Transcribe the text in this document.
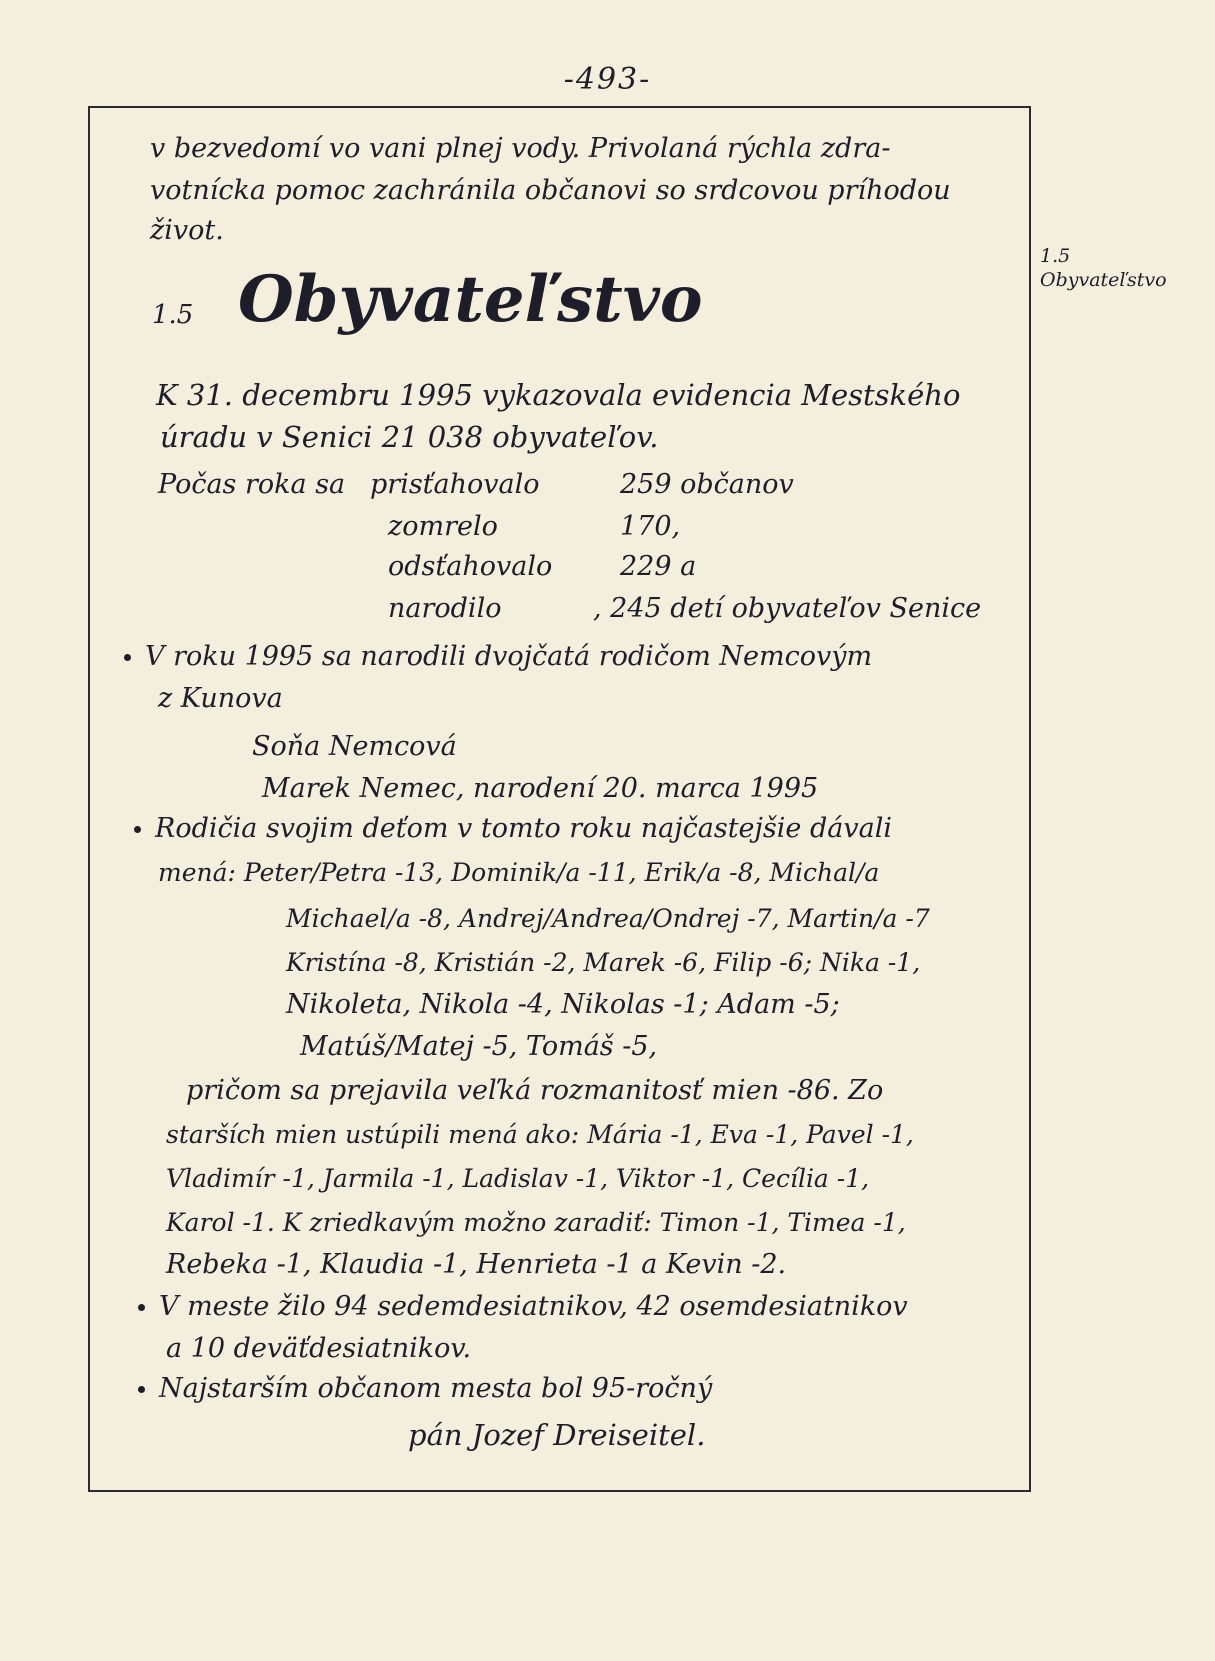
-493-
1.5
Obyvateľstvo
v bezvedomí vo vani plnej vody. Privolaná rýchla zdra-
votnícka pomoc zachránila občanovi so srdcovou príhodou
život.
1.5 Obyvateľstvo
K 31. decembru 1995 vykazovala evidencia Mestského
úradu v Senici 21 038 obyvateľov.
Počas roka sa prisťahovalo	259 občanov
zomrelo	170,
odsťahovalo	229 a
narodilo	, 245 detí obyvateľov Senice
V roku 1995 sa narodili dvojčatá rodičom Nemcovým
z Kunova
Soňa Nemcová
Marek Nemec, narodení 20. marca 1995
Rodičia svojim deťom v tomto roku najčastejšie dávali
mená: Peter/Petra -13, Dominik/a -11, Erik/a -8, Michal/a
Michael/a -8, Andrej/Andrea/Ondrej -7, Martin/a -7
Kristína -8, Kristián -2, Marek -6, Filip -6; Nika -1,
Nikoleta, Nikola -4, Nikolas -1; Adam -5;
Matúš/Matej -5, Tomáš -5,
pričom sa prejavila veľká rozmanitosť mien -86. Zo
starších mien ustúpili mená ako: Mária -1, Eva -1, Pavel -1,
Vladimír -1, Jarmila -1, Ladislav -1, Viktor -1, Cecília -1,
Karol -1. K zriedkavým možno zaradiť: Timon -1, Timea -1,
Rebeka -1, Klaudia -1, Henrieta -1 a Kevin -2.
V meste žilo 94 sedemdesiatnikov, 42 osemdesiatnikov
a 10 deväťdesiatnikov.
Najstarším občanom mesta bol 95-ročný
pán Jozef Dreiseitel.
